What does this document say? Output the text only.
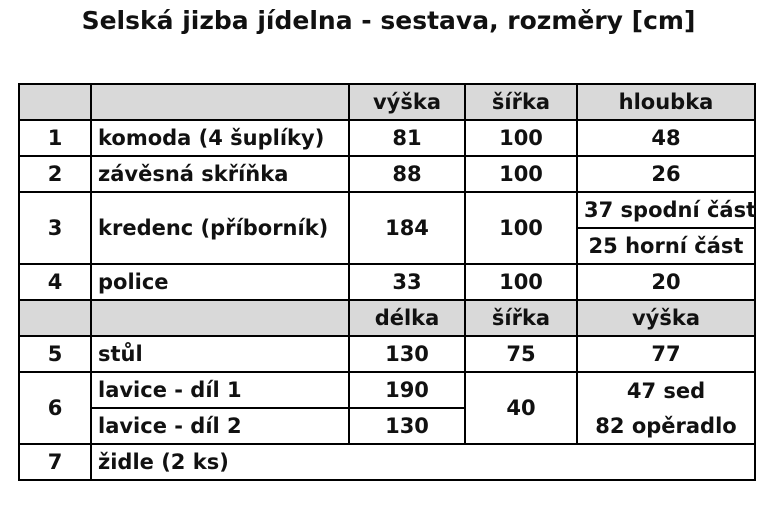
Selská jizba jídelna - sestava, rozměry [cm]
		výška	šířka	hloubka
1	komoda (4 šuplíky)	81	100	48
2	závěsná skříňka	88	100	26
3	kredenc (příborník)	184	100	37 spodní část
				25 horní část
4	police	33	100	20
		délka	šířka	výška
5	stůl	130	75	77
6	lavice - díl 1	190	40	47 sed
	lavice - díl 2	130		82 opěradlo
7	židle (2 ks)			
